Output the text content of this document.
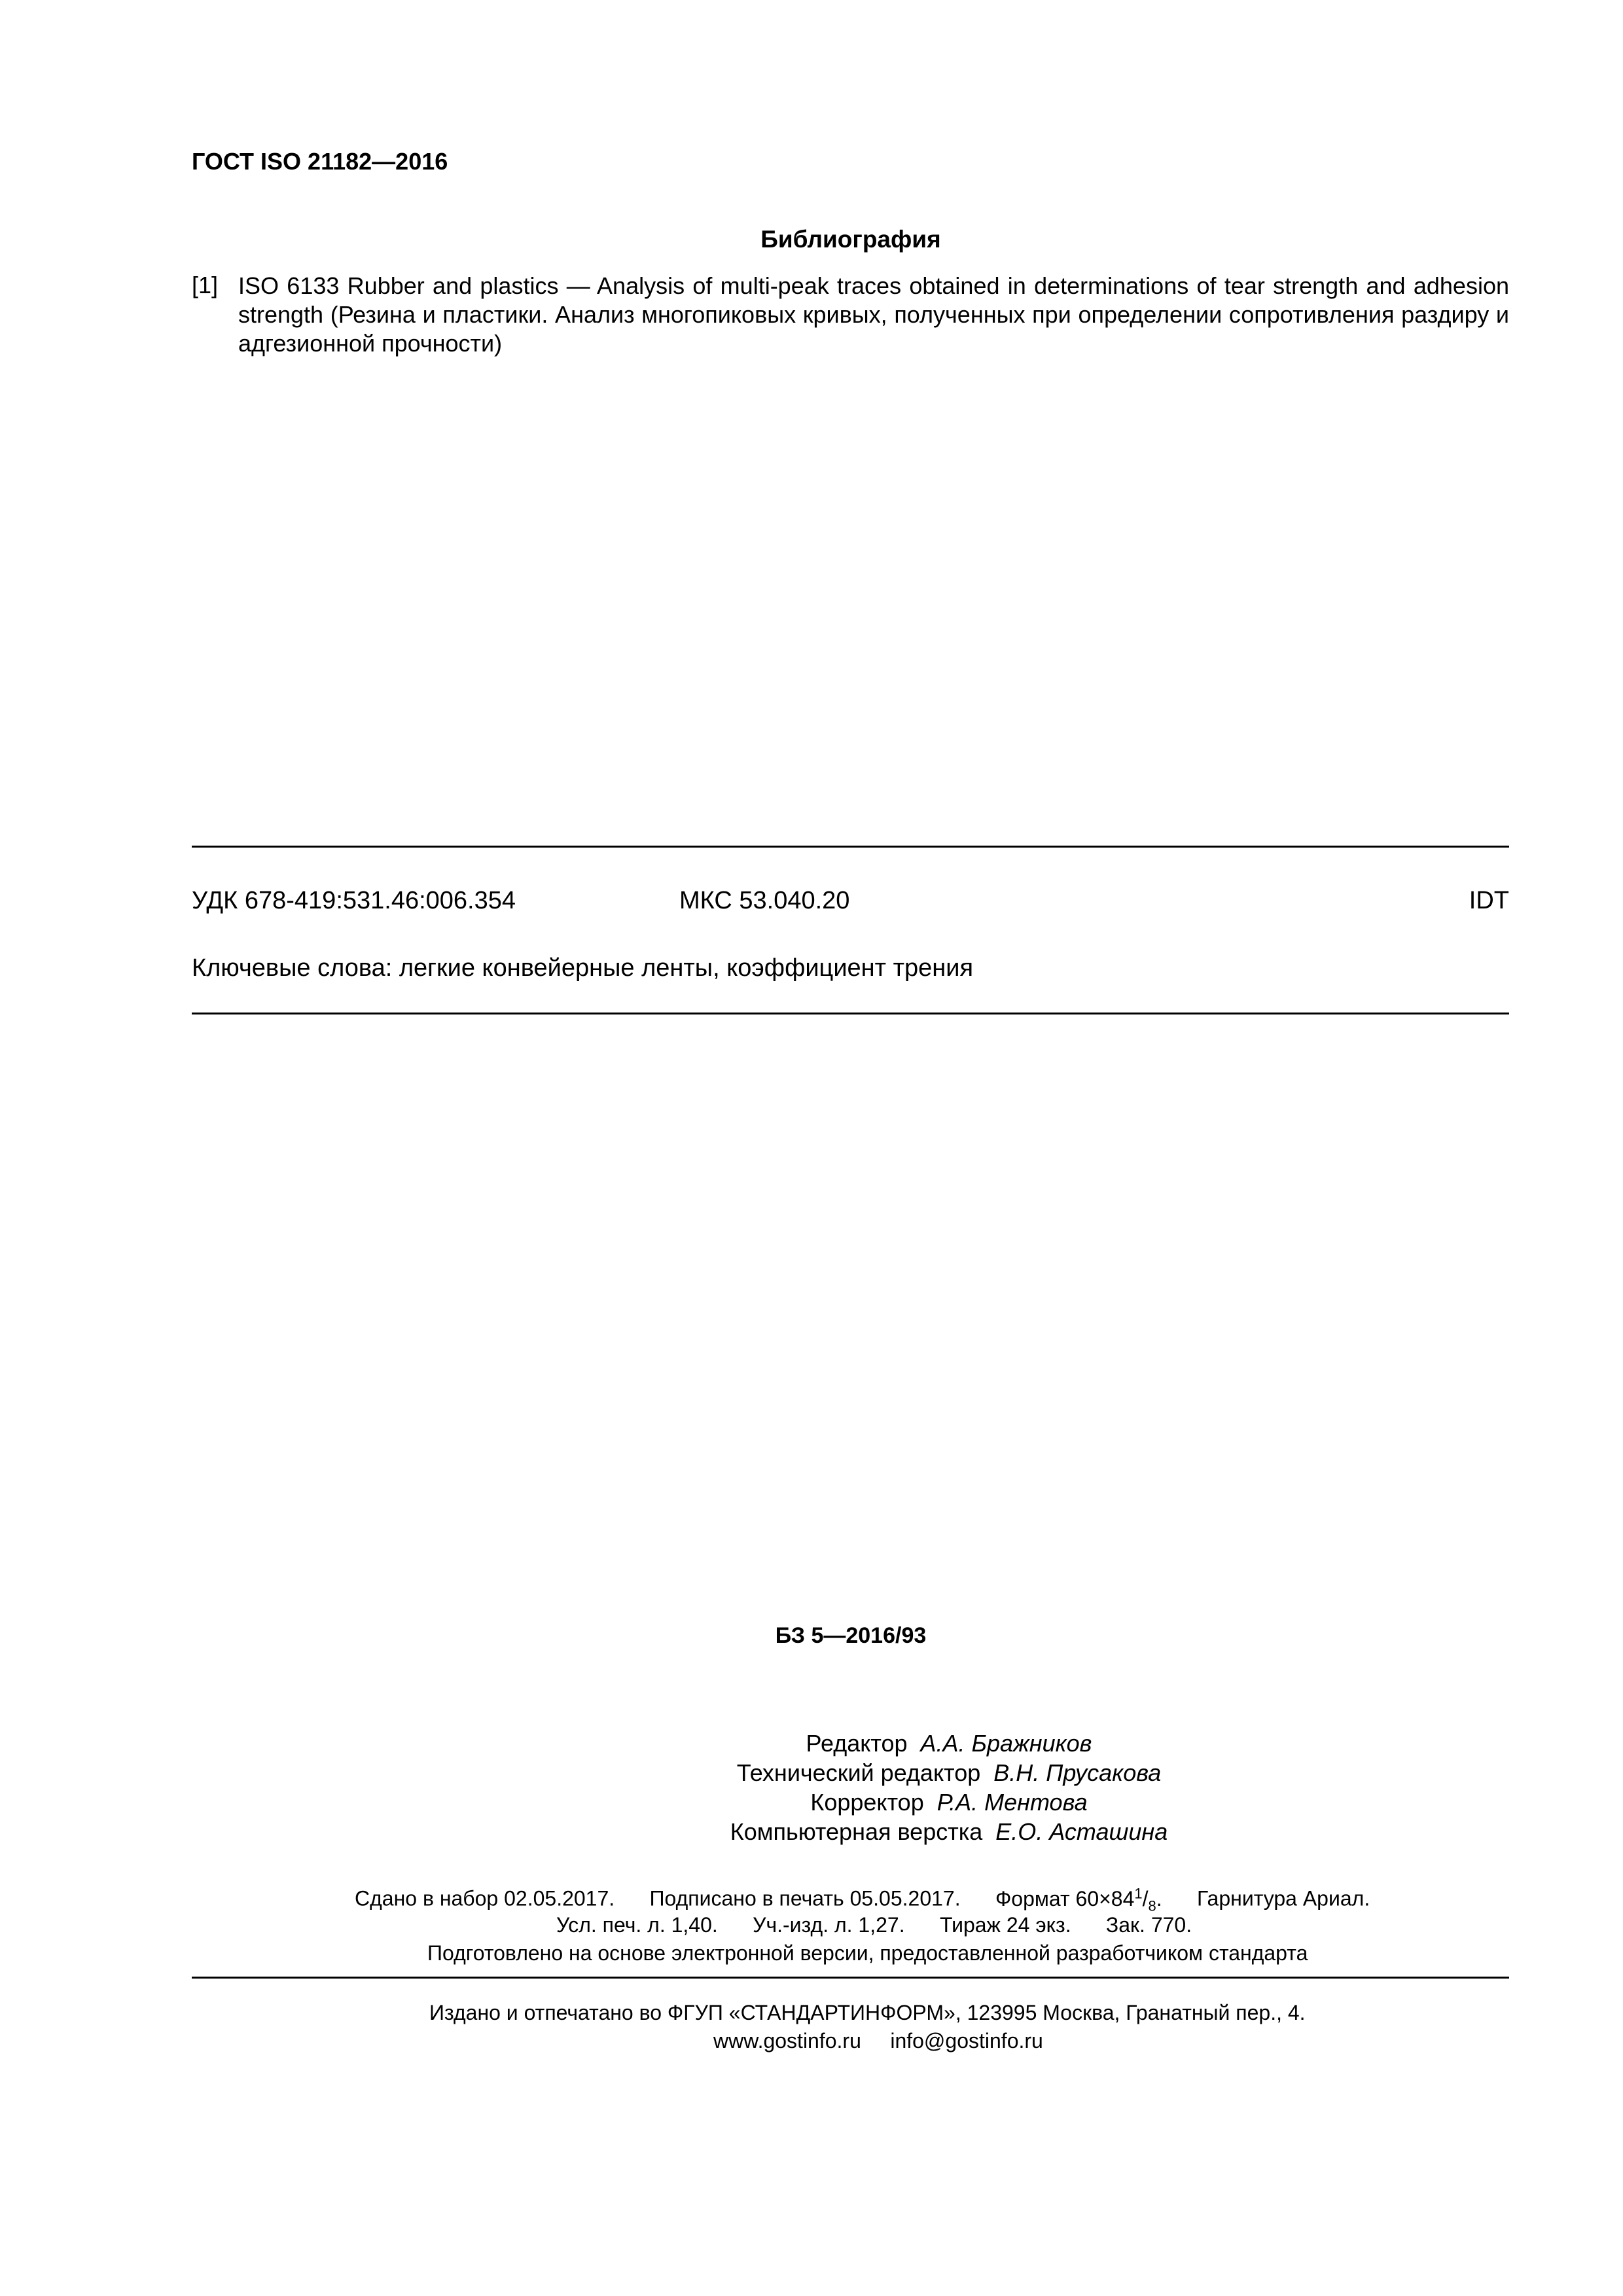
ГОСТ ISO 21182—2016
Библиография
[1] ISO 6133 Rubber and plastics — Analysis of multi-peak traces obtained in determinations of tear strength and adhesion strength (Резина и пластики. Анализ многопиковых кривых, полученных при определении сопротивления раздиру и адгезионной прочности)
УДК 678-419:531.46:006.354	МКС 53.040.20	IDT
Ключевые слова: легкие конвейерные ленты, коэффициент трения
БЗ 5—2016/93
Редактор А.А. Бражников
Технический редактор В.Н. Прусакова
Корректор Р.А. Ментова
Компьютерная верстка Е.О. Асташина
Сдано в набор 02.05.2017. Подписано в печать 05.05.2017. Формат $60\times 84^1/_8$. Гарнитура Ариал.
Усл. печ. л. 1,40. Уч.-изд. л. 1,27. Тираж 24 экз. Зак. 770.
Подготовлено на основе электронной версии, предоставленной разработчиком стандарта
Издано и отпечатано во ФГУП «СТАНДАРТИНФОРМ», 123995 Москва, Гранатный пер., 4.
www.gostinfo.ru info@gostinfo.ru
